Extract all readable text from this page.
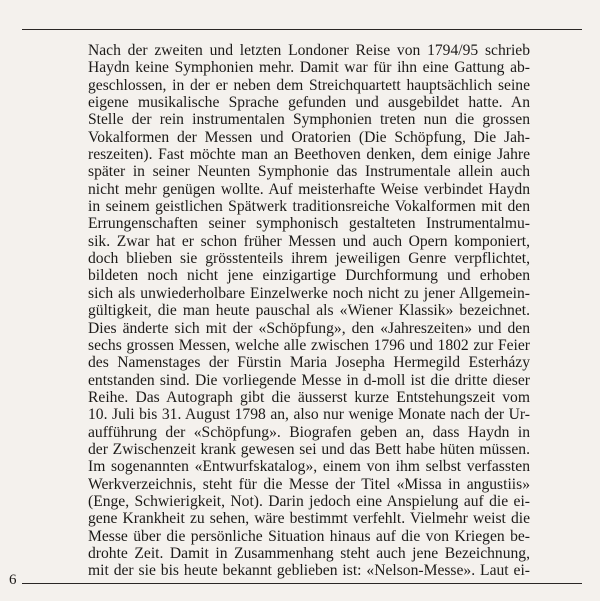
Nach der zweiten und letzten Londoner Reise von 1794/95 schrieb
Haydn keine Symphonien mehr. Damit war für ihn eine Gattung ab-
geschlossen, in der er neben dem Streichquartett hauptsächlich seine
eigene musikalische Sprache gefunden und ausgebildet hatte. An
Stelle der rein instrumentalen Symphonien treten nun die grossen
Vokalformen der Messen und Oratorien (Die Schöpfung, Die Jah-
reszeiten). Fast möchte man an Beethoven denken, dem einige Jahre
später in seiner Neunten Symphonie das Instrumentale allein auch
nicht mehr genügen wollte. Auf meisterhafte Weise verbindet Haydn
in seinem geistlichen Spätwerk traditionsreiche Vokalformen mit den
Errungenschaften seiner symphonisch gestalteten Instrumentalmu-
sik. Zwar hat er schon früher Messen und auch Opern komponiert,
doch blieben sie grösstenteils ihrem jeweiligen Genre verpflichtet,
bildeten noch nicht jene einzigartige Durchformung und erhoben
sich als unwiederholbare Einzelwerke noch nicht zu jener Allgemein-
gültigkeit, die man heute pauschal als «Wiener Klassik» bezeichnet.
Dies änderte sich mit der «Schöpfung», den «Jahreszeiten» und den
sechs grossen Messen, welche alle zwischen 1796 und 1802 zur Feier
des Namenstages der Fürstin Maria Josepha Hermegild Esterházy
entstanden sind. Die vorliegende Messe in d-moll ist die dritte dieser
Reihe. Das Autograph gibt die äusserst kurze Entstehungszeit vom
10. Juli bis 31. August 1798 an, also nur wenige Monate nach der Ur-
aufführung der «Schöpfung». Biografen geben an, dass Haydn in
der Zwischenzeit krank gewesen sei und das Bett habe hüten müssen.
Im sogenannten «Entwurfskatalog», einem von ihm selbst verfassten
Werkverzeichnis, steht für die Messe der Titel «Missa in angustiis»
(Enge, Schwierigkeit, Not). Darin jedoch eine Anspielung auf die ei-
gene Krankheit zu sehen, wäre bestimmt verfehlt. Vielmehr weist die
Messe über die persönliche Situation hinaus auf die von Kriegen be-
drohte Zeit. Damit in Zusammenhang steht auch jene Bezeichnung,
mit der sie bis heute bekannt geblieben ist: «Nelson-Messe». Laut ei-
6
